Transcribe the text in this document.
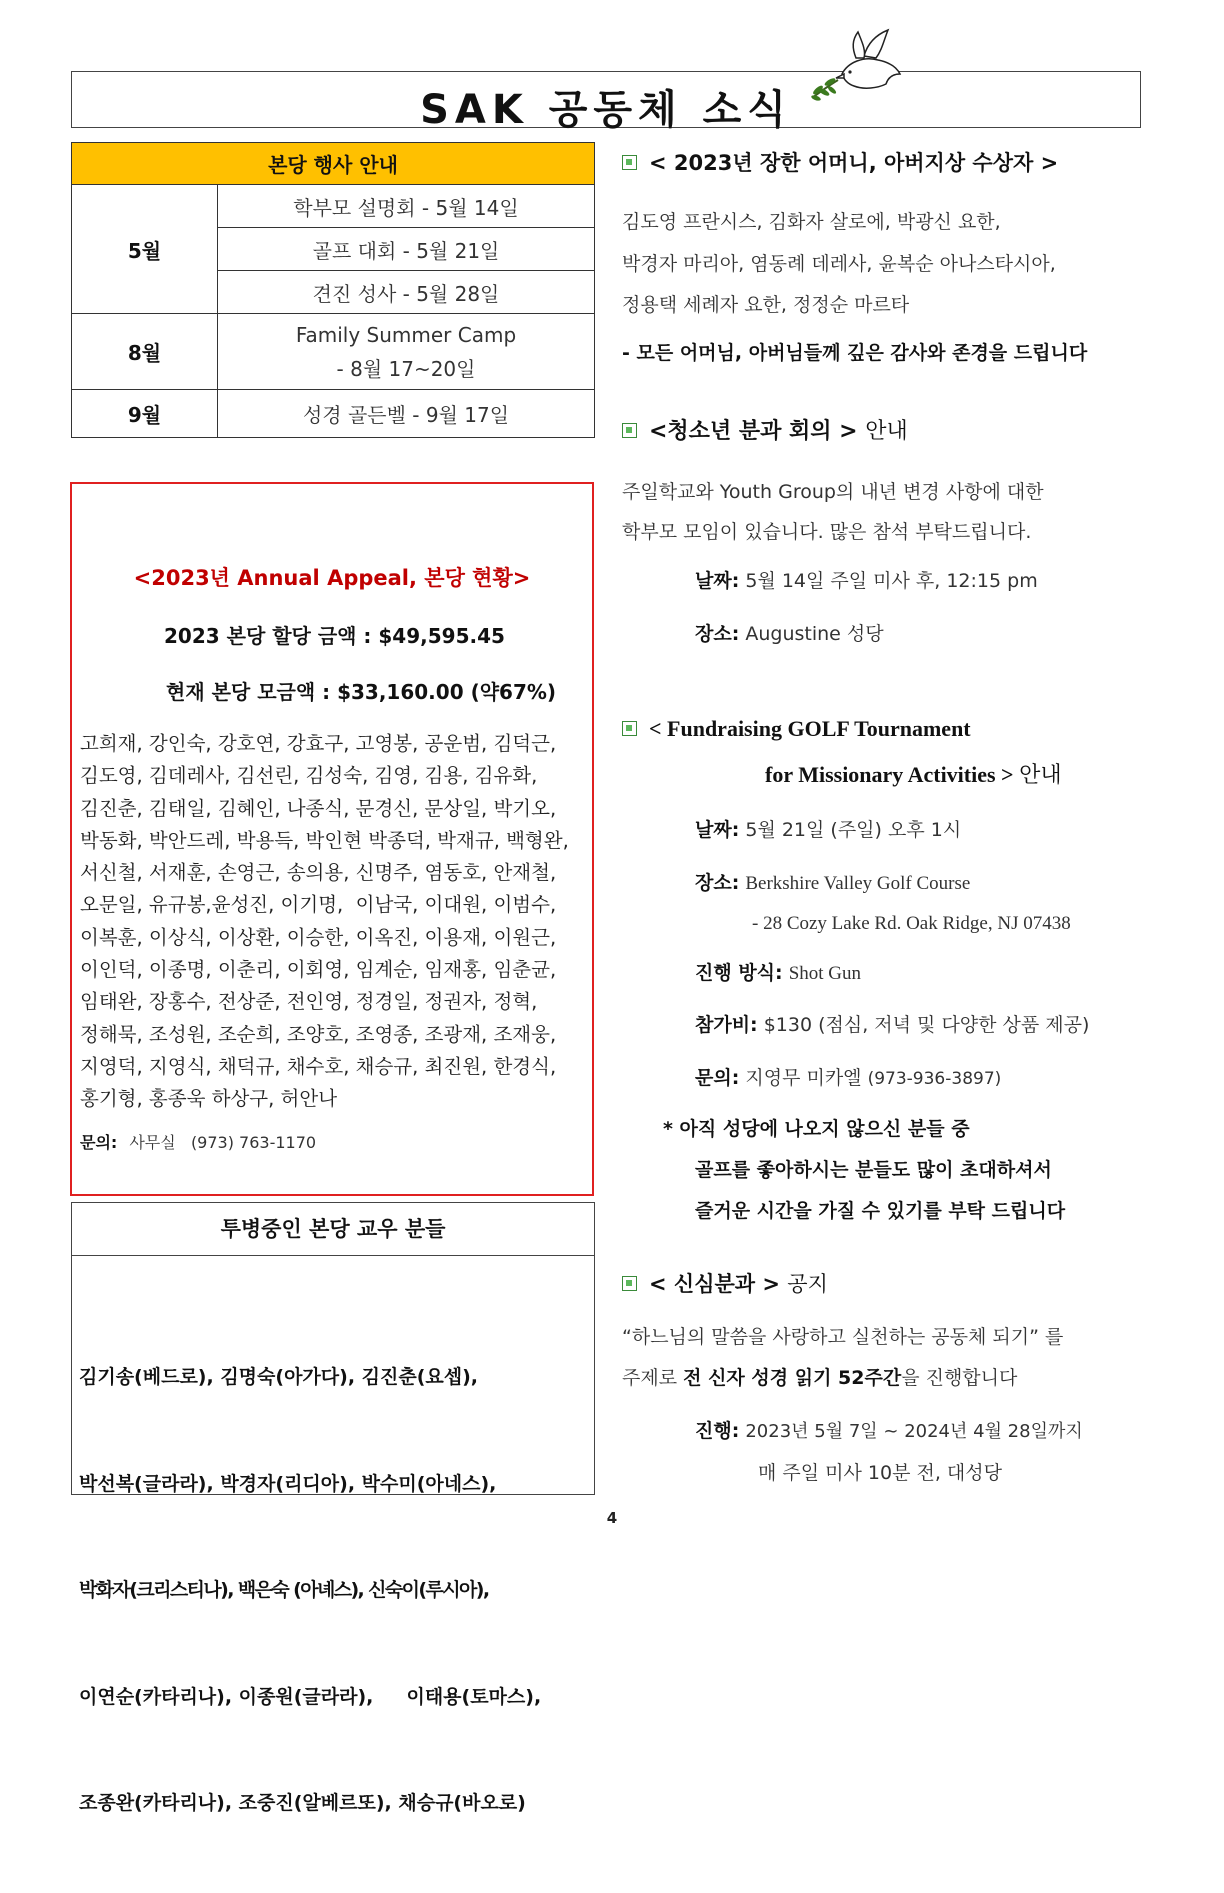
SAK 공동체 소식
본당 행사 안내	
5월	학부모 설명회 - 5월 14일
	골프 대회 - 5월 21일
	견진 성사 - 5월 28일
8월	Family Summer Camp
- 8월 17~20일

9월	성경 골든벨 - 9월 17일
<2023년 Annual Appeal, 본당 현황>
2023 본당 할당 금액 : $49,595.45
현재 본당 모금액 : $33,160.00 (약67%)
고희재, 강인숙, 강호연, 강효구, 고영봉, 공운범, 김덕근,
김도영, 김데레사, 김선린, 김성숙, 김영, 김용, 김유화,
김진춘, 김태일, 김혜인, 나종식, 문경신, 문상일, 박기오,
박동화, 박안드레, 박용득, 박인현 박종덕, 박재규, 백형완,
서신철, 서재훈, 손영근, 송의용, 신명주, 염동호, 안재철,
오문일, 유규봉,윤성진, 이기명,  이남국, 이대원, 이범수,
이복훈, 이상식, 이상환, 이승한, 이옥진, 이용재, 이원근,
이인덕, 이종명, 이춘리, 이회영, 임계순, 임재홍, 임춘균,
임태완, 장홍수, 전상준, 전인영, 정경일, 정권자, 정혁,
정해묵, 조성원, 조순희, 조양호, 조영종, 조광재, 조재웅,
지영덕, 지영식, 채덕규, 채수호, 채승규, 최진원, 한경식,
홍기형, 홍종욱 하상구, 허안나
문의: 사무실   (973) 763-1170
투병중인 본당 교우 분들

김기송(베드로), 김명숙(아가다), 김진춘(요셉),

박선복(글라라), 박경자(리디아), 박수미(아네스),

박화자(크리스티나), 백은숙 (아녜스), 신숙이(루시아),

이연순(카타리나), 이종원(글라라),     이태용(토마스),

조종완(카타리나), 조중진(알베르또), 채승규(바오로)

< 2023년 장한 어머니, 아버지상 수상자 >
김도영 프란시스, 김화자 살로에, 박광신 요한,
박경자 마리아, 염동례 데레사, 윤복순 아나스타시아,
정용택 세례자 요한, 정정순 마르타
- 모든 어머님, 아버님들께 깊은 감사와 존경을 드립니다
<청소년 분과 회의 > 안내
주일학교와 Youth Group의 내년 변경 사항에 대한
학부모 모임이 있습니다. 많은 참석 부탁드립니다.
날짜: 5월 14일 주일 미사 후, 12:15 pm
장소: Augustine 성당
< Fundraising GOLF Tournament
for Missionary Activities > 안내
날짜: 5월 21일 (주일) 오후 1시
장소: Berkshire Valley Golf Course
- 28 Cozy Lake Rd. Oak Ridge, NJ 07438
진행 방식: Shot Gun
참가비: $130 (점심, 저녁 및 다양한 상품 제공)
문의: 지영무 미카엘 (973-936-3897)
* 아직 성당에 나오지 않으신 분들 중
골프를 좋아하시는 분들도 많이 초대하셔서
즐거운 시간을 가질 수 있기를 부탁 드립니다
< 신심분과 > 공지
“하느님의 말씀을 사랑하고 실천하는 공동체 되기” 를
주제로 전 신자 성경 읽기 52주간을 진행합니다
진행: 2023년 5월 7일 ~ 2024년 4월 28일까지
매 주일 미사 10분 전, 대성당
4
